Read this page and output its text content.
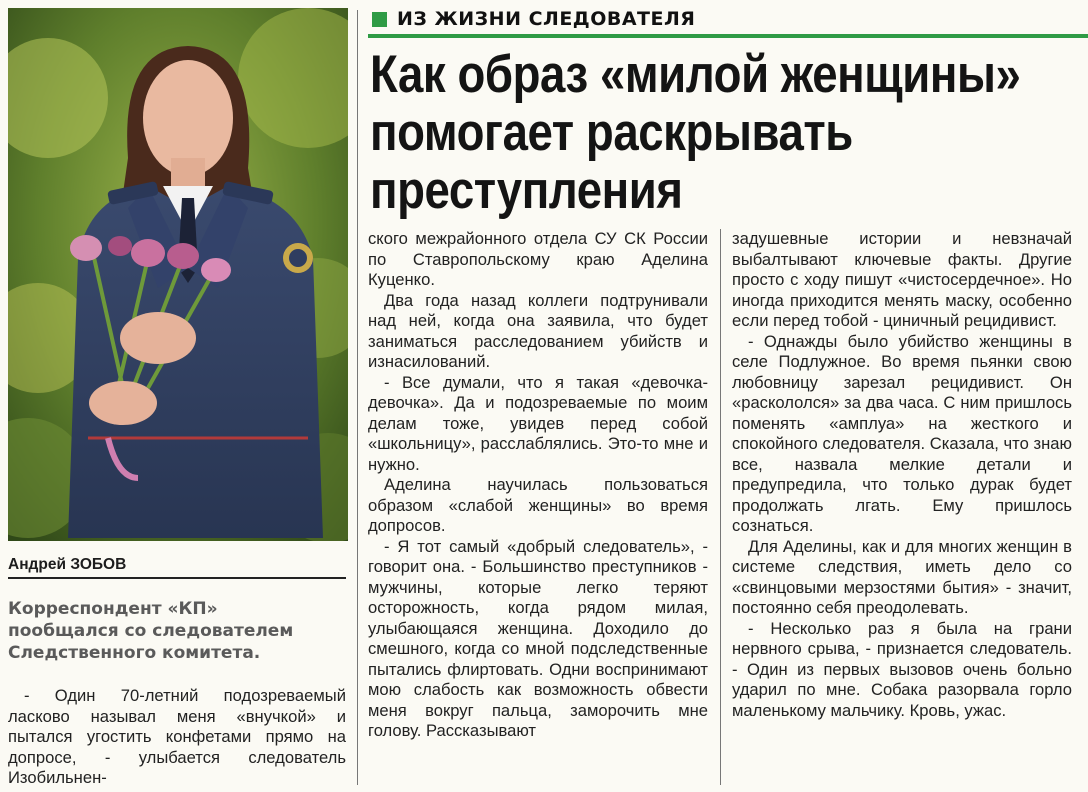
ИЗ ЖИЗНИ СЛЕДОВАТЕЛЯ
Как образ «милой женщины»
помогает раскрывать
преступления
Андрей ЗОБОВ
Корреспондент «КП»
пообщался со следователем
Следственного комитета.

- Один 70-летний подозреваемый ласково называл меня «внучкой» и пытался угостить конфетами прямо на допросе, - улыбается следователь Изобильнен-

ского межрайонного отдела СУ СК России по Ставропольскому краю Аделина Куценко.

Два года назад коллеги подтрунивали над ней, когда она заявила, что будет заниматься расследованием убийств и изнасилований.

- Все думали, что я такая «девочка-девочка». Да и подозреваемые по моим делам тоже, увидев перед собой «школьницу», расслаблялись. Это-то мне и нужно.

Аделина научилась пользоваться образом «слабой женщины» во время допросов.

- Я тот самый «добрый следователь», - говорит она. - Большинство преступников - мужчины, которые легко теряют осторожность, когда рядом милая, улыбающаяся женщина. Доходило до смешного, когда со мной подследственные пытались флиртовать. Одни воспринимают мою слабость как возможность обвести меня вокруг пальца, заморочить мне голову. Рассказывают

задушевные истории и невзначай выбалтывают ключевые факты. Другие просто с ходу пишут «чистосердечное». Но иногда приходится менять маску, особенно если перед тобой - циничный рецидивист.

- Однажды было убийство женщины в селе Подлужное. Во время пьянки свою любовницу зарезал рецидивист. Он «раскололся» за два часа. С ним пришлось поменять «амплуа» на жесткого и спокойного следователя. Сказала, что знаю все, назвала мелкие детали и предупредила, что только дурак будет продолжать лгать. Ему пришлось сознаться.

Для Аделины, как и для многих женщин в системе следствия, иметь дело со «свинцовыми мерзостями бытия» - значит, постоянно себя преодолевать.

- Несколько раз я была на грани нервного срыва, - признается следователь. - Один из первых вызовов очень больно ударил по мне. Собака разорвала горло маленькому мальчику. Кровь, ужас.
